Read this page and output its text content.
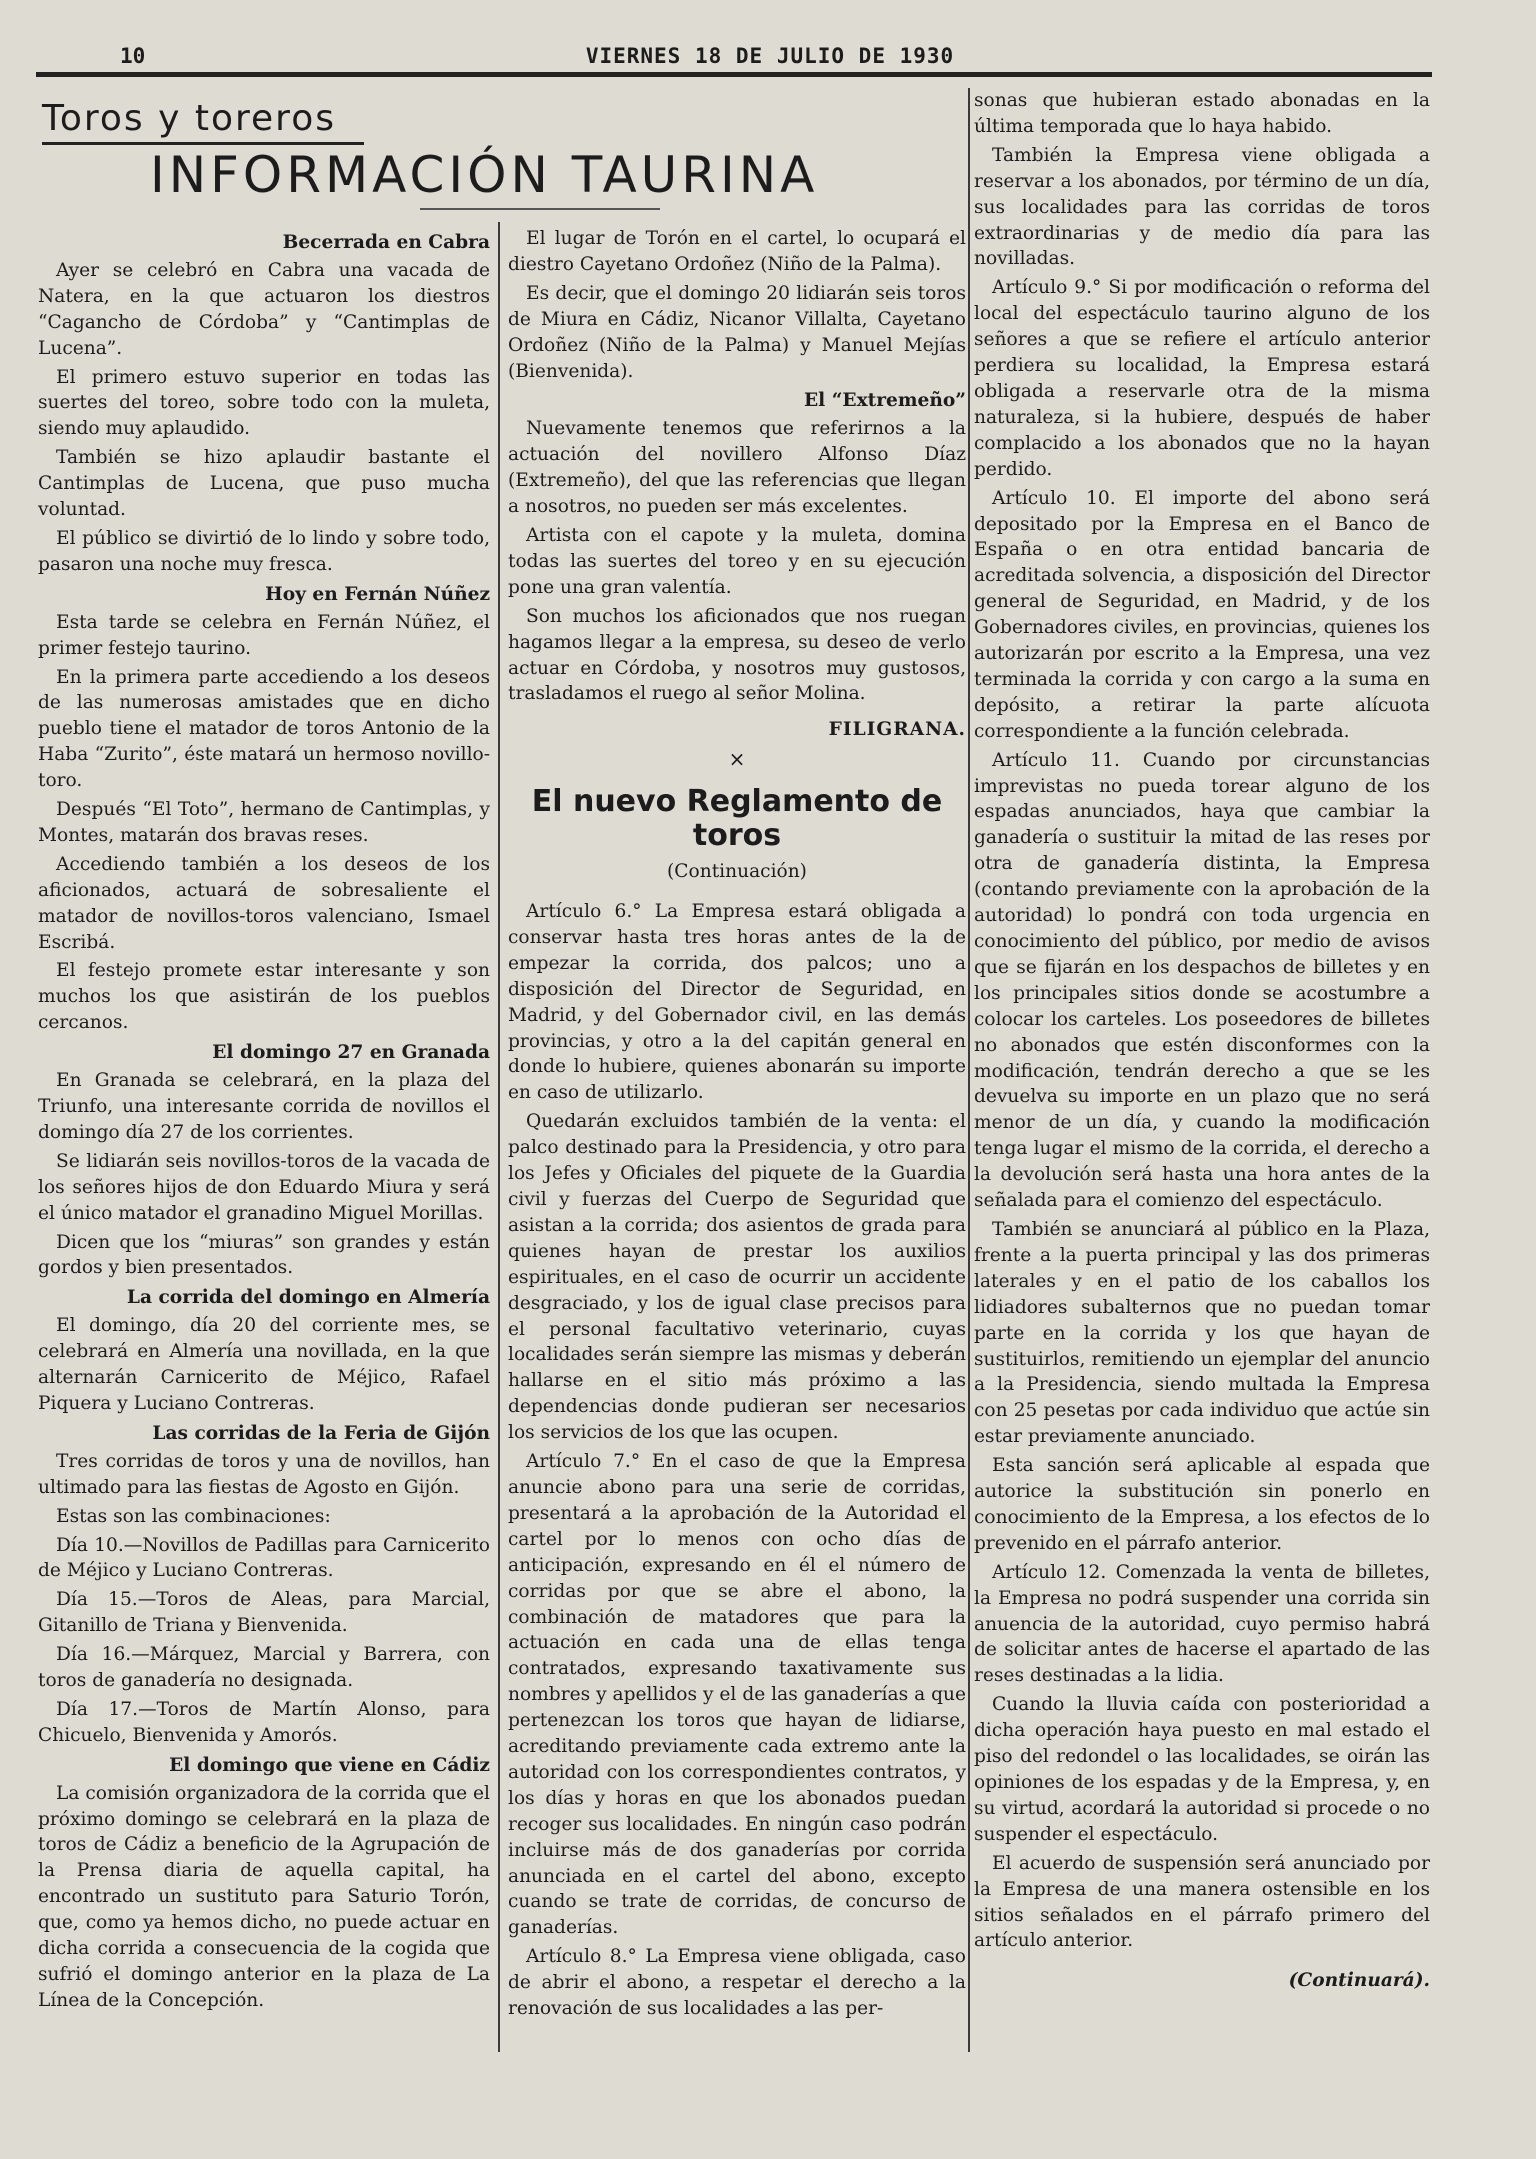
10	VIERNES 18 DE JULIO DE 1930
Toros y toreros
INFORMACIÓN TAURINA

Becerrada en Cabra

Ayer se celebró en Cabra una vacada de Natera, en la que actuaron los diestros “Cagancho de Córdoba” y “Cantimplas de Lucena”.

El primero estuvo superior en todas las suertes del toreo, sobre todo con la muleta, siendo muy aplaudido.

También se hizo aplaudir bastante el Cantimplas de Lucena, que puso mucha voluntad.

El público se divirtió de lo lindo y sobre todo, pasaron una noche muy fresca.

Hoy en Fernán Núñez

Esta tarde se celebra en Fernán Núñez, el primer festejo taurino.

En la primera parte accediendo a los deseos de las numerosas amistades que en dicho pueblo tiene el matador de toros Antonio de la Haba “Zurito”, éste matará un hermoso novillo-toro.

Después “El Toto”, hermano de Cantimplas, y Montes, matarán dos bravas reses.

Accediendo también a los deseos de los aficionados, actuará de sobresaliente el matador de novillos-toros valenciano, Ismael Escribá.

El festejo promete estar interesante y son muchos los que asistirán de los pueblos cercanos.

El domingo 27 en Granada

En Granada se celebrará, en la plaza del Triunfo, una interesante corrida de novillos el domingo día 27 de los corrientes.

Se lidiarán seis novillos-toros de la vacada de los señores hijos de don Eduardo Miura y será el único matador el granadino Miguel Morillas.

Dicen que los “miuras” son grandes y están gordos y bien presentados.

La corrida del domingo en Almería

El domingo, día 20 del corriente mes, se celebrará en Almería una novillada, en la que alternarán Carnicerito de Méjico, Rafael Piquera y Luciano Contreras.

Las corridas de la Feria de Gijón

Tres corridas de toros y una de novillos, han ultimado para las fiestas de Agosto en Gijón.

Estas son las combinaciones:

Día 10.—Novillos de Padillas para Carnicerito de Méjico y Luciano Contreras.

Día 15.—Toros de Aleas, para Marcial, Gitanillo de Triana y Bienvenida.

Día 16.—Márquez, Marcial y Barrera, con toros de ganadería no designada.

Día 17.—Toros de Martín Alonso, para Chicuelo, Bienvenida y Amorós.

El domingo que viene en Cádiz

La comisión organizadora de la corrida que el próximo domingo se celebrará en la plaza de toros de Cádiz a beneficio de la Agrupación de la Prensa diaria de aquella capital, ha encontrado un sustituto para Saturio Torón, que, como ya hemos dicho, no puede actuar en dicha corrida a consecuencia de la cogida que sufrió el domingo anterior en la plaza de La Línea de la Concepción.

El lugar de Torón en el cartel, lo ocupará el diestro Cayetano Ordoñez (Niño de la Palma).

Es decir, que el domingo 20 lidiarán seis toros de Miura en Cádiz, Nicanor Villalta, Cayetano Ordoñez (Niño de la Palma) y Manuel Mejías (Bienvenida).

El “Extremeño”

Nuevamente tenemos que referirnos a la actuación del novillero Alfonso Díaz (Extremeño), del que las referencias que llegan a nosotros, no pueden ser más excelentes.

Artista con el capote y la muleta, domina todas las suertes del toreo y en su ejecución pone una gran valentía.

Son muchos los aficionados que nos ruegan hagamos llegar a la empresa, su deseo de verlo actuar en Córdoba, y nosotros muy gustosos, trasladamos el ruego al señor Molina.

FILIGRANA.

×
El nuevo Reglamento de toros
(Continuación)

Artículo 6.° La Empresa estará obligada a conservar hasta tres horas antes de la de empezar la corrida, dos palcos; uno a disposición del Director de Seguridad, en Madrid, y del Gobernador civil, en las demás provincias, y otro a la del capitán general en donde lo hubiere, quienes abonarán su importe en caso de utilizarlo.

Quedarán excluidos también de la venta: el palco destinado para la Presidencia, y otro para los Jefes y Oficiales del piquete de la Guardia civil y fuerzas del Cuerpo de Seguridad que asistan a la corrida; dos asientos de grada para quienes hayan de prestar los auxilios espirituales, en el caso de ocurrir un accidente desgraciado, y los de igual clase precisos para el personal facultativo veterinario, cuyas localidades serán siempre las mismas y deberán hallarse en el sitio más próximo a las dependencias donde pudieran ser necesarios los servicios de los que las ocupen.

Artículo 7.° En el caso de que la Empresa anuncie abono para una serie de corridas, presentará a la aprobación de la Autoridad el cartel por lo menos con ocho días de anticipación, expresando en él el número de corridas por que se abre el abono, la combinación de matadores que para la actuación en cada una de ellas tenga contratados, expresando taxativamente sus nombres y apellidos y el de las ganaderías a que pertenezcan los toros que hayan de lidiarse, acreditando previamente cada extremo ante la autoridad con los correspondientes contratos, y los días y horas en que los abonados puedan recoger sus localidades. En ningún caso podrán incluirse más de dos ganaderías por corrida anunciada en el cartel del abono, excepto cuando se trate de corridas, de concurso de ganaderías.

Artículo 8.° La Empresa viene obligada, caso de abrir el abono, a respetar el derecho a la renovación de sus localidades a las per-

sonas que hubieran estado abonadas en la última temporada que lo haya habido.

También la Empresa viene obligada a reservar a los abonados, por término de un día, sus localidades para las corridas de toros extraordinarias y de medio día para las novilladas.

Artículo 9.° Si por modificación o reforma del local del espectáculo taurino alguno de los señores a que se refiere el artículo anterior perdiera su localidad, la Empresa estará obligada a reservarle otra de la misma naturaleza, si la hubiere, después de haber complacido a los abonados que no la hayan perdido.

Artículo 10. El importe del abono será depositado por la Empresa en el Banco de España o en otra entidad bancaria de acreditada solvencia, a disposición del Director general de Seguridad, en Madrid, y de los Gobernadores civiles, en provincias, quienes los autorizarán por escrito a la Empresa, una vez terminada la corrida y con cargo a la suma en depósito, a retirar la parte alícuota correspondiente a la función celebrada.

Artículo 11. Cuando por circunstancias imprevistas no pueda torear alguno de los espadas anunciados, haya que cambiar la ganadería o sustituir la mitad de las reses por otra de ganadería distinta, la Empresa (contando previamente con la aprobación de la autoridad) lo pondrá con toda urgencia en conocimiento del público, por medio de avisos que se fijarán en los despachos de billetes y en los principales sitios donde se acostumbre a colocar los carteles. Los poseedores de billetes no abonados que estén disconformes con la modificación, tendrán derecho a que se les devuelva su importe en un plazo que no será menor de un día, y cuando la modificación tenga lugar el mismo de la corrida, el derecho a la devolución será hasta una hora antes de la señalada para el comienzo del espectáculo.

También se anunciará al público en la Plaza, frente a la puerta principal y las dos primeras laterales y en el patio de los caballos los lidiadores subalternos que no puedan tomar parte en la corrida y los que hayan de sustituirlos, remitiendo un ejemplar del anuncio a la Presidencia, siendo multada la Empresa con 25 pesetas por cada individuo que actúe sin estar previamente anunciado.

Esta sanción será aplicable al espada que autorice la substitución sin ponerlo en conocimiento de la Empresa, a los efectos de lo prevenido en el párrafo anterior.

Artículo 12. Comenzada la venta de billetes, la Empresa no podrá suspender una corrida sin anuencia de la autoridad, cuyo permiso habrá de solicitar antes de hacerse el apartado de las reses destinadas a la lidia.

Cuando la lluvia caída con posterioridad a dicha operación haya puesto en mal estado el piso del redondel o las localidades, se oirán las opiniones de los espadas y de la Empresa, y, en su virtud, acordará la autoridad si procede o no suspender el espectáculo.

El acuerdo de suspensión será anunciado por la Empresa de una manera ostensible en los sitios señalados en el párrafo primero del artículo anterior.

(Continuará).
